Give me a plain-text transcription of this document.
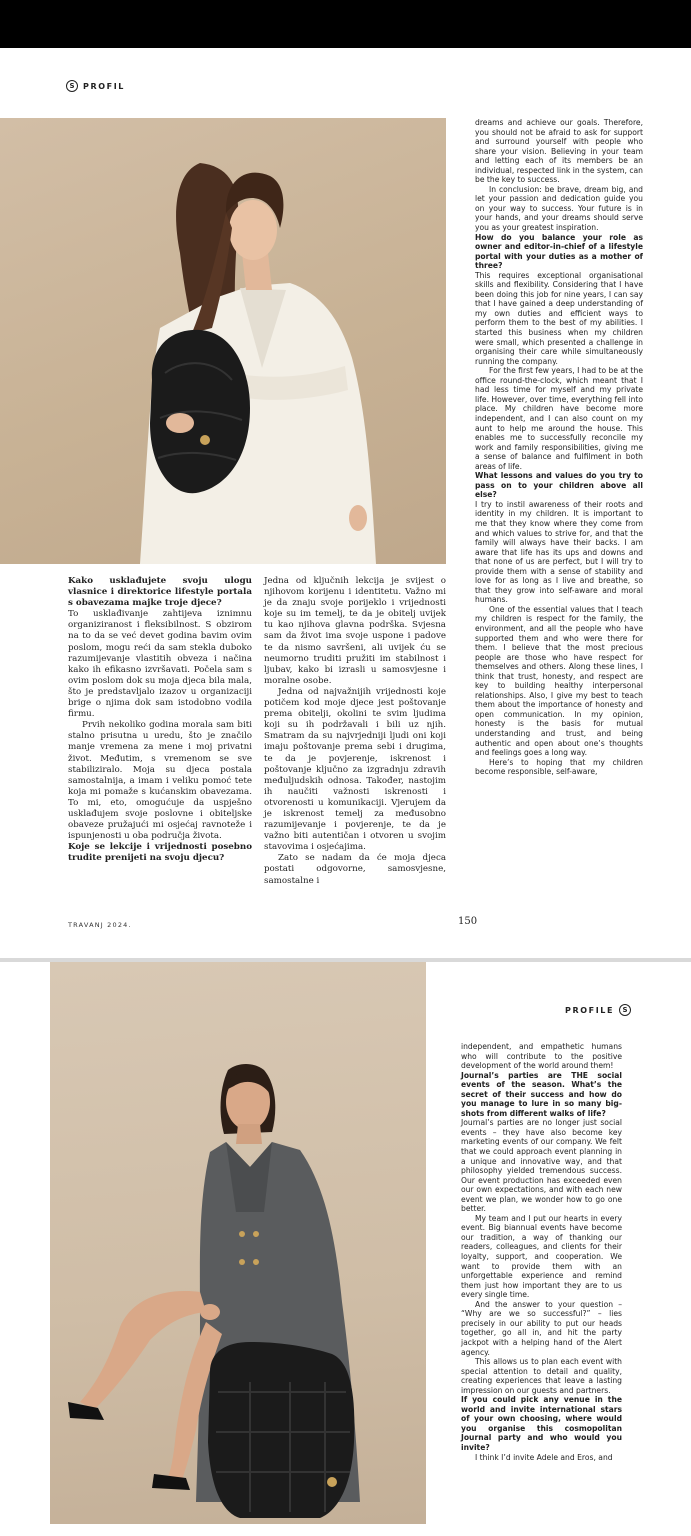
S	PROFIL
Kako usklađujete svoju ulogu vlasnice i direktorice lifestyle portala s obavezama majke troje djece?
To usklađivanje zahtijeva iznimnu organiziranost i fleksibilnost. S obzirom na to da se već devet godina bavim ovim poslom, mogu reći da sam stekla duboko razumijevanje vlastitih obveza i načina kako ih efikasno izvršavati. Počela sam s ovim poslom dok su moja djeca bila mala, što je predstavljalo izazov u organizaciji brige o njima dok sam istodobno vodila firmu.
Prvih nekoliko godina morala sam biti stalno prisutna u uredu, što je značilo manje vremena za mene i moj privatni život. Međutim, s vremenom se sve stabiliziralo. Moja su djeca postala samostalnija, a imam i veliku pomoć tete koja mi pomaže s kućanskim obavezama. To mi, eto, omogućuje da uspješno usklađujem svoje poslovne i obiteljske obaveze pružajući mi osjećaj ravnoteže i ispunjenosti u oba područja života.
Koje se lekcije i vrijednosti posebno trudite prenijeti na svoju djecu?
Jedna od ključnih lekcija je svijest o njihovom korijenu i identitetu. Važno mi je da znaju svoje porijeklo i vrijednosti koje su im temelj, te da je obitelj uvijek tu kao njihova glavna podrška. Svjesna sam da život ima svoje uspone i padove te da nismo savršeni, ali uvijek ću se neumorno truditi pružiti im stabilnost i ljubav, kako bi izrasli u samosvjesne i moralne osobe.
Jedna od najvažnijih vrijednosti koje potičem kod moje djece jest poštovanje prema obitelji, okolini te svim ljudima koji su ih podržavali i bili uz njih. Smatram da su najvrjedniji ljudi oni koji imaju poštovanje prema sebi i drugima, te da je povjerenje, iskrenost i poštovanje ključno za izgradnju zdravih međuljudskih odnosa. Također, nastojim ih naučiti važnosti iskrenosti i otvorenosti u komunikaciji. Vjerujem da je iskrenost temelj za međusobno razumijevanje i povjerenje, te da je važno biti autentičan i otvoren u svojim stavovima i osjećajima.
Zato se nadam da će moja djeca postati odgovorne, samosvjesne, samostalne i
dreams and achieve our goals. Therefore, you should not be afraid to ask for support and surround yourself with people who share your vision. Believing in your team and letting each of its members be an individual, respected link in the system, can be the key to success.
In conclusion: be brave, dream big, and let your passion and dedication guide you on your way to success. Your future is in your hands, and your dreams should serve you as your greatest inspiration.
How do you balance your role as owner and editor-in-chief of a lifestyle portal with your duties as a mother of three?
This requires exceptional organisational skills and flexibility. Considering that I have been doing this job for nine years, I can say that I have gained a deep understanding of my own duties and efficient ways to perform them to the best of my abilities. I started this business when my children were small, which presented a challenge in organising their care while simultaneously running the company.
For the first few years, I had to be at the office round-the-clock, which meant that I had less time for myself and my private life. However, over time, everything fell into place. My children have become more independent, and I can also count on my aunt to help me around the house. This enables me to successfully reconcile my work and family responsibilities, giving me a sense of balance and fulfilment in both areas of life.
What lessons and values do you try to pass on to your children above all else?
I try to instil awareness of their roots and identity in my children. It is important to me that they know where they come from and which values to strive for, and that the family will always have their backs. I am aware that life has its ups and downs and that none of us are perfect, but I will try to provide them with a sense of stability and love for as long as I live and breathe, so that they grow into self-aware and moral humans.
One of the essential values that I teach my children is respect for the family, the environment, and all the people who have supported them and who were there for them. I believe that the most precious people are those who have respect for themselves and others. Along these lines, I think that trust, honesty, and respect are key to building healthy interpersonal relationships. Also, I give my best to teach them about the importance of honesty and open communication. In my opinion, honesty is the basis for mutual understanding and trust, and being authentic and open about one’s thoughts and feelings goes a long way.
Here’s to hoping that my children become responsible, self-aware,
TRAVANJ 2024.	150
PROFILE	S
independent, and empathetic humans who will contribute to the positive development of the world around them!
Journal’s parties are THE social events of the season. What’s the secret of their success and how do you manage to lure in so many big-shots from different walks of life?
Journal’s parties are no longer just social events – they have also become key marketing events of our company. We felt that we could approach event planning in a unique and innovative way, and that philosophy yielded tremendous success. Our event production has exceeded even our own expectations, and with each new event we plan, we wonder how to go one better.
My team and I put our hearts in every event. Big biannual events have become our tradition, a way of thanking our readers, colleagues, and clients for their loyalty, support, and cooperation. We want to provide them with an unforgettable experience and remind them just how important they are to us every single time.
And the answer to your question – “Why are we so successful?” – lies precisely in our ability to put our heads together, go all in, and hit the party jackpot with a helping hand of the Alert agency.
This allows us to plan each event with special attention to detail and quality, creating experiences that leave a lasting impression on our guests and partners.
If you could pick any venue in the world and invite international stars of your own choosing, where would you organise this cosmopolitan Journal party and who would you invite?
I think I’d invite Adele and Eros, and
